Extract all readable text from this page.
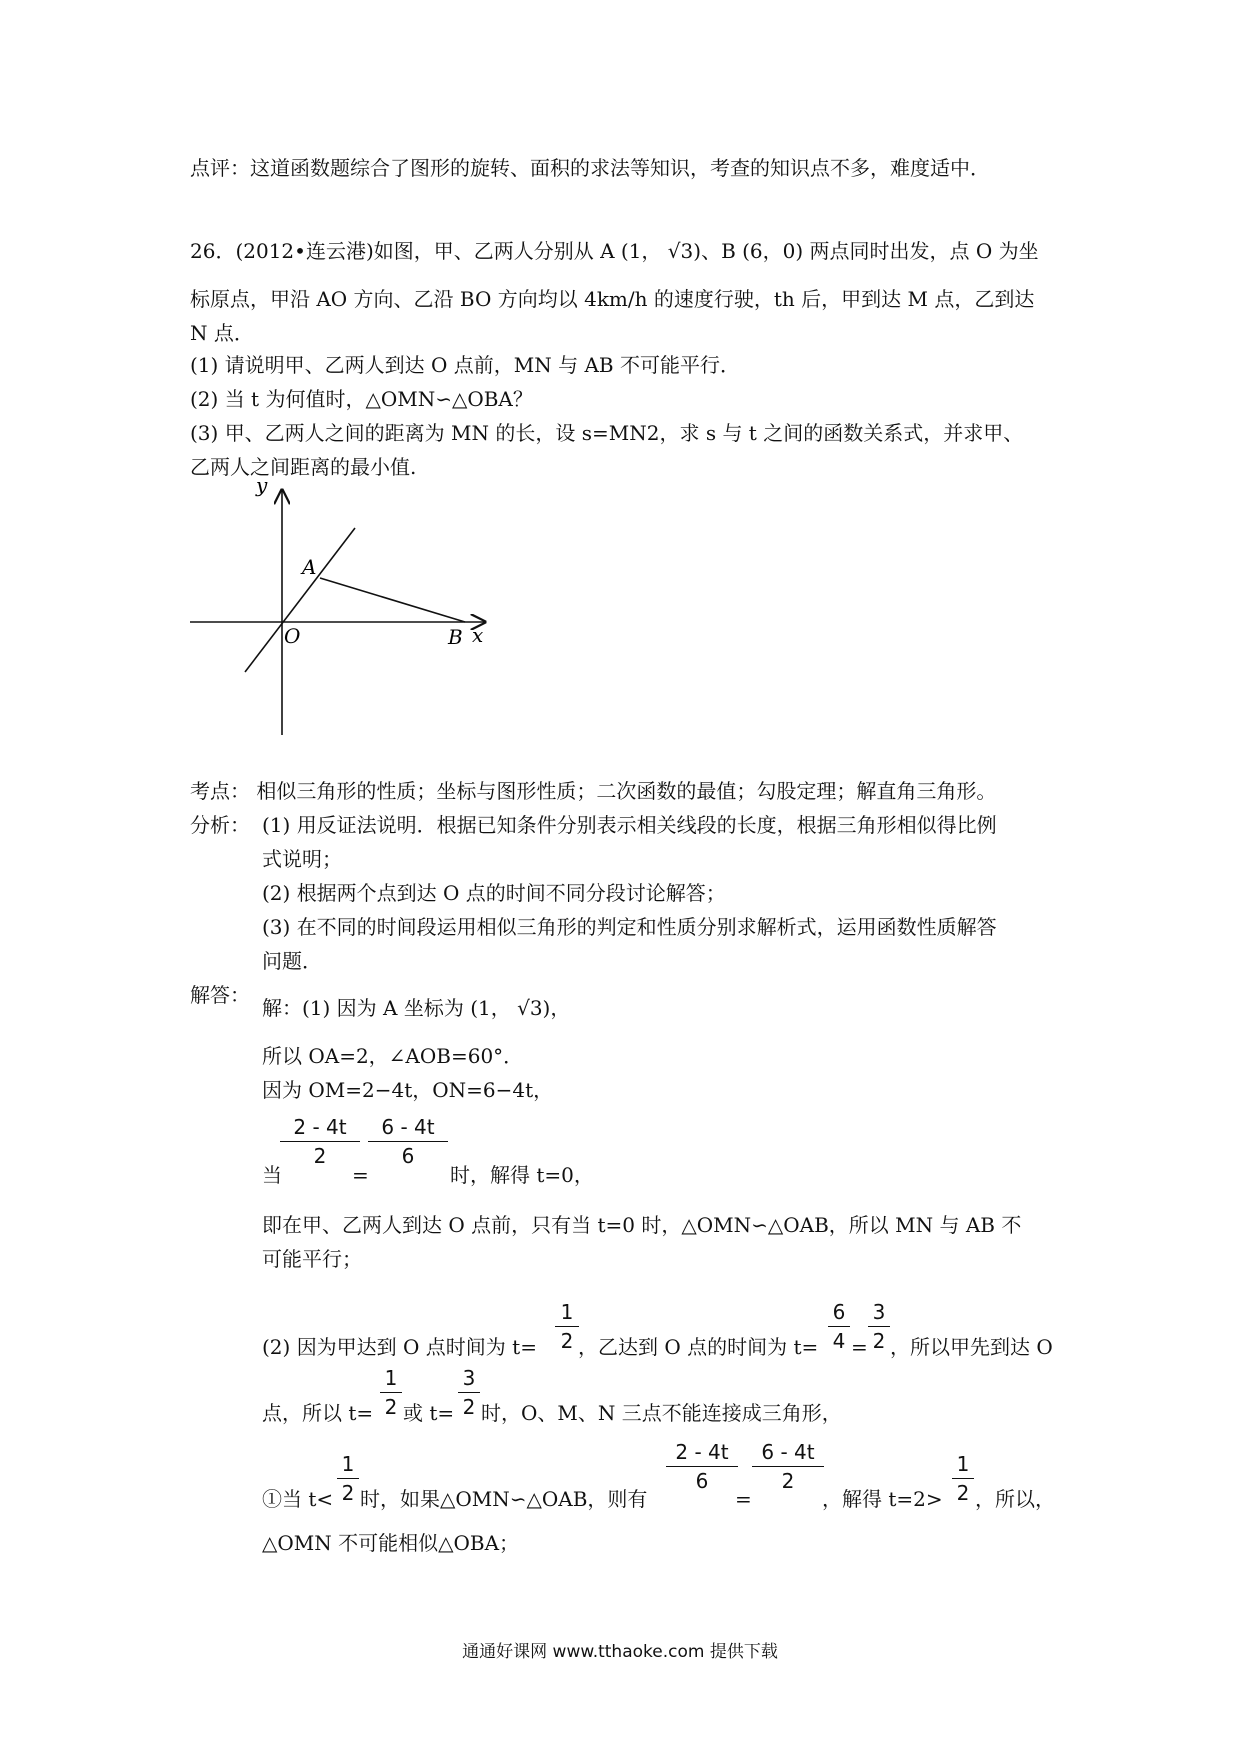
点评：这道函数题综合了图形的旋转、面积的求法等知识，考查的知识点不多，难度适中．
26．(2012•连云港)如图，甲、乙两人分别从 A (1， √3)、B (6，0) 两点同时出发，点 O 为坐
标原点，甲沿 AO 方向、乙沿 BO 方向均以 4km/h 的速度行驶，th 后，甲到达 M 点，乙到达
N 点．
(1) 请说明甲、乙两人到达 O 点前，MN 与 AB 不可能平行．
(2) 当 t 为何值时，△OMN∽△OBA？
(3) 甲、乙两人之间的距离为 MN 的长，设 s=MN2，求 s 与 t 之间的函数关系式，并求甲、
乙两人之间距离的最小值.
y
x
A
O	B
考点： 相似三角形的性质；坐标与图形性质；二次函数的最值；勾股定理；解直角三角形。
分析： (1) 用反证法说明．根据已知条件分别表示相关线段的长度，根据三角形相似得比例
式说明；
(2) 根据两个点到达 O 点的时间不同分段讨论解答；
(3) 在不同的时间段运用相似三角形的判定和性质分别求解析式，运用函数性质解答
问题．
解答：
解：(1) 因为 A 坐标为 (1， √3)，
所以 OA=2，∠AOB=60°．
因为 OM=2−4t，ON=6−4t，
2 - 4t
2
=
6 - 4t
6
当	时，解得 t=0，
即在甲、乙两人到达 O 点前，只有当 t=0 时，△OMN∽△OAB，所以 MN 与 AB 不
可能平行；
(2) 因为甲达到 O 点时间为 t=
1
2 ，乙达到 O 点的时间为 t=
6
4 =
3
2 ，所以甲先到达 O
点，所以 t=
1
2 或 t=
3
2 时，O、M、N 三点不能连接成三角形，
①当 t<
1
2 时，如果△OMN∽△OAB，则有
2 - 4t
6
=
6 - 4t
2
，解得 t=2>
1
2 ，所以，
△OMN 不可能相似△OBA；
通通好课网 www.tthaoke.com 提供下载
